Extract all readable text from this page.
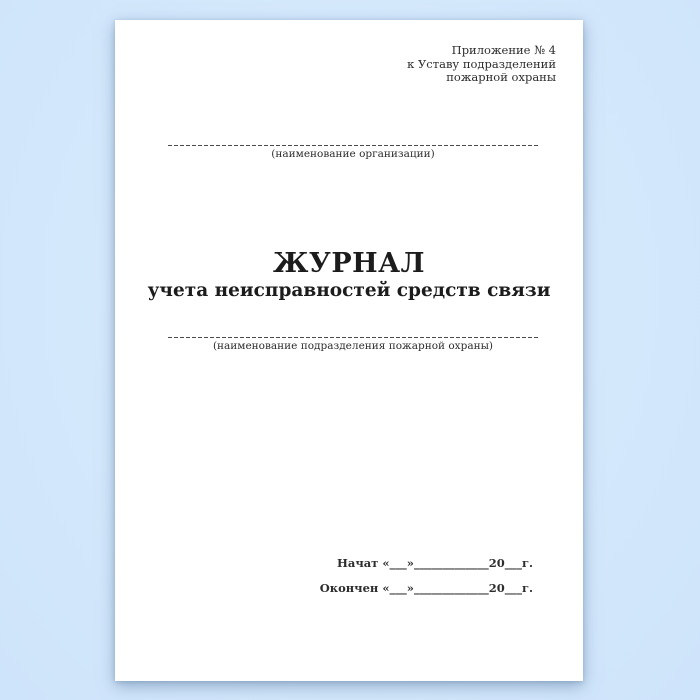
Приложение № 4
к Уставу подразделений
пожарной охраны
(наименование организации)
ЖУРНАЛ
учета неисправностей средств связи
(наименование подразделения пожарной охраны)
Начат «___»_____________20___г.
Окончен «___»_____________20___г.
